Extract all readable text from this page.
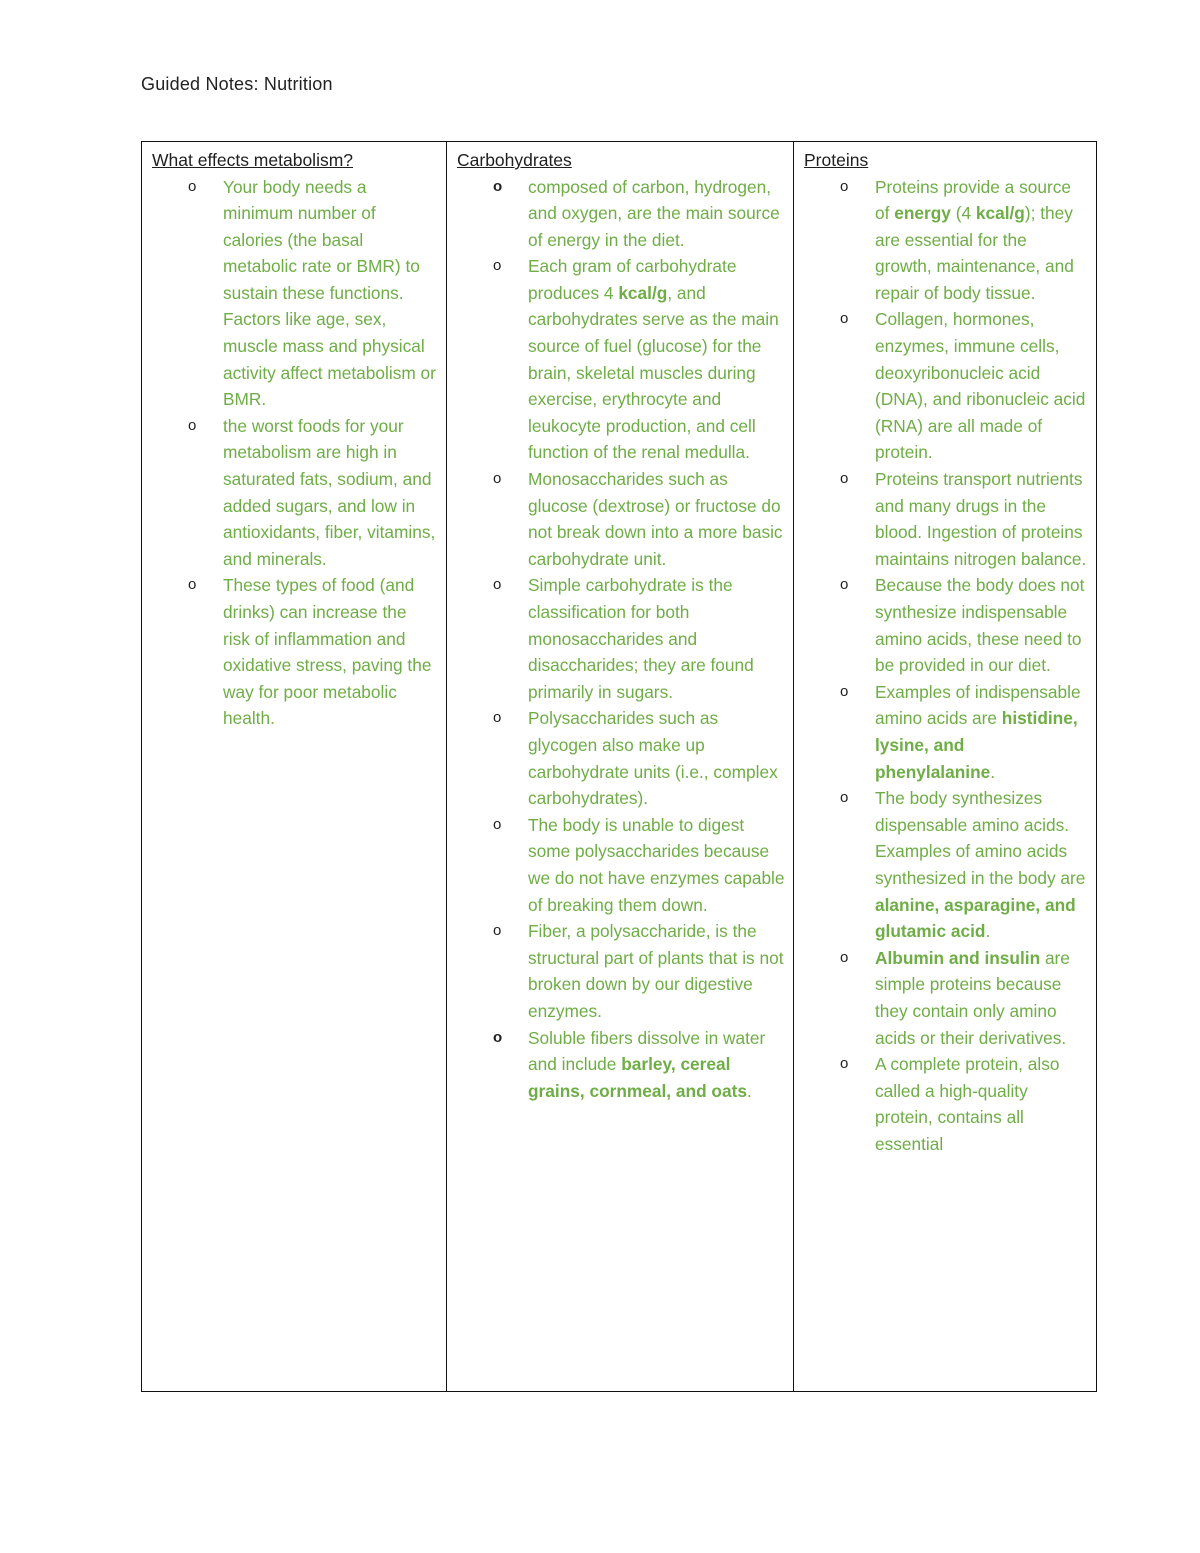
Guided Notes: Nutrition
What effects metabolism?
o Your body needs a minimum number of calories (the basal metabolic rate or BMR) to sustain these functions. Factors like age, sex, muscle mass and physical activity affect metabolism or BMR.
o the worst foods for your metabolism are high in saturated fats, sodium, and added sugars, and low in antioxidants, fiber, vitamins, and minerals.
o These types of food (and drinks) can increase the risk of inflammation and oxidative stress, paving the way for poor metabolic health.

Carbohydrates
o composed of carbon, hydrogen, and oxygen, are the main source of energy in the diet.
o Each gram of carbohydrate produces 4 kcal/g, and carbohydrates serve as the main source of fuel (glucose) for the brain, skeletal muscles during exercise, erythrocyte and leukocyte production, and cell function of the renal medulla.
o Monosaccharides such as glucose (dextrose) or fructose do not break down into a more basic carbohydrate unit.
o Simple carbohydrate is the classification for both monosaccharides and disaccharides; they are found primarily in sugars.
o Polysaccharides such as glycogen also make up carbohydrate units (i.e., complex carbohydrates).
o The body is unable to digest some polysaccharides because we do not have enzymes capable of breaking them down.
o Fiber, a polysaccharide, is the structural part of plants that is not broken down by our digestive enzymes.
o Soluble fibers dissolve in water and include barley, cereal grains, cornmeal, and oats.

Proteins
o Proteins provide a source of energy (4 kcal/g); they are essential for the growth, maintenance, and repair of body tissue.
o Collagen, hormones, enzymes, immune cells, deoxyribonucleic acid (DNA), and ribonucleic acid (RNA) are all made of protein.
o Proteins transport nutrients and many drugs in the blood. Ingestion of proteins maintains nitrogen balance.
o Because the body does not synthesize indispensable amino acids, these need to be provided in our diet.
o Examples of indispensable amino acids are histidine, lysine, and phenylalanine.
o The body synthesizes dispensable amino acids. Examples of amino acids synthesized in the body are alanine, asparagine, and glutamic acid.
o Albumin and insulin are simple proteins because they contain only amino acids or their derivatives.
o A complete protein, also called a high-quality protein, contains all essential
